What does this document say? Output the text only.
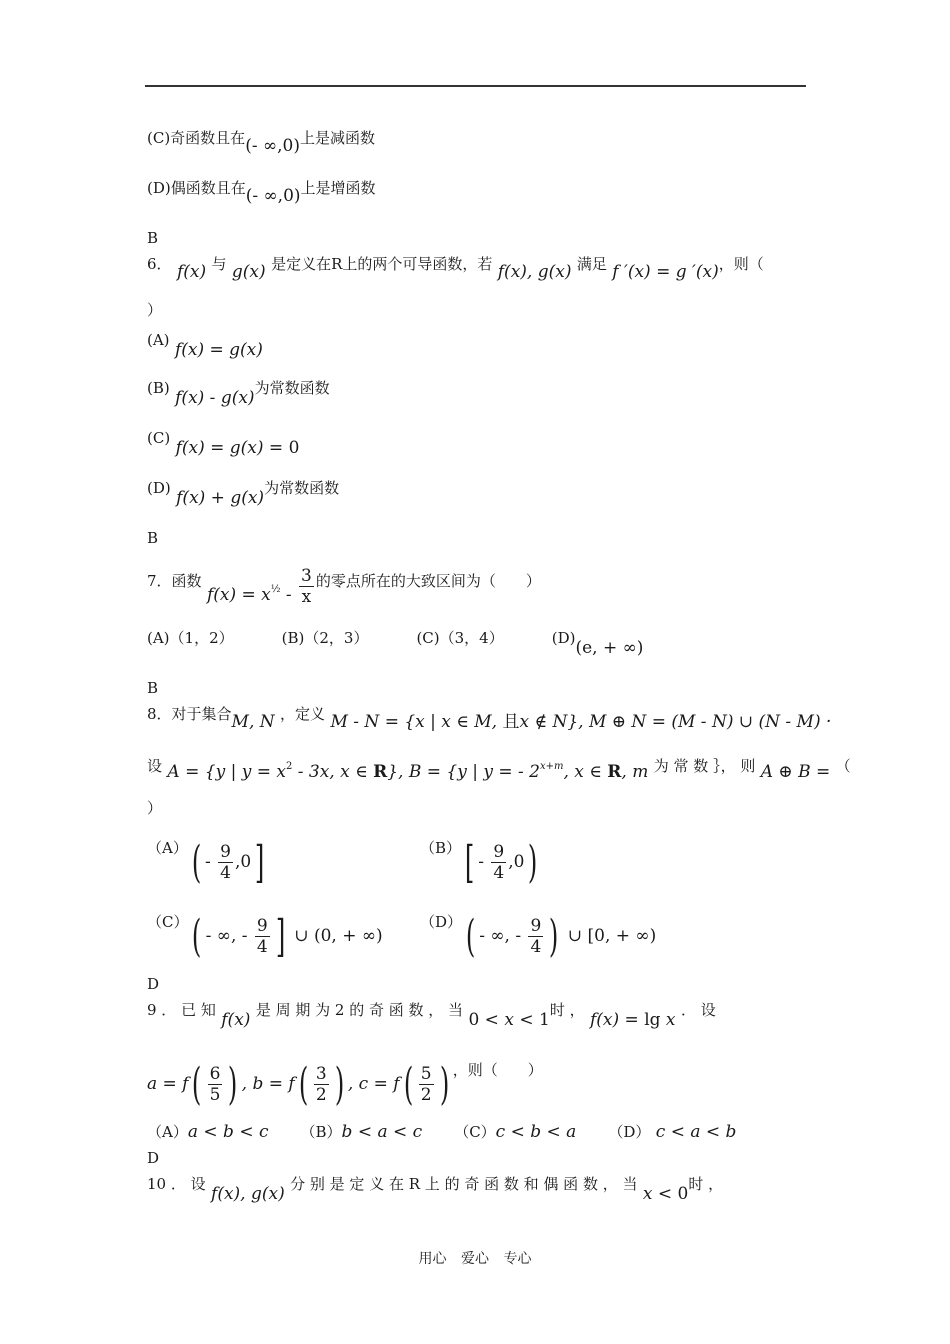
(C)奇函数且在(- ∞,0)上是减函数
(D)偶函数且在(- ∞,0)上是增函数
B
6． f(x) 与 g(x) 是定义在R上的两个可导函数，若 f(x), g(x) 满足 f ′(x) = g ′(x)，则（
）
(A) f(x) = g(x)
(B) f(x) - g(x)为常数函数
(C) f(x) = g(x) = 0
(D) f(x) + g(x)为常数函数
B
7．函数 $f(x) = x^{\frac{1}{2}} - \frac{3}{x}$ 的零点所在的大致区间为（　　）
(A)（1，2）	(B)（2，3）	(C)（3，4）	(D)(e, + ∞)
B
8．对于集合M, N ，定义 M - N = {x | x ∈ M, 且x ∉ N}, M ⊕ N = (M - N) ∪ (N - M) ·
设 A = {y | $y = x^2 - 3x$, x ∈ R}, B = {y | y = - $2^{x+m}$, x ∈ R, m 为 常 数 ｝， 则 A ⊕ B = （
）
$(A)( - \frac{9}{4} ,0]$	$(B)[ - \frac{9}{4} ,0)$
（C）( - ∞, - $\frac{9}{4}$ ] ∪ (0, + ∞)
（D）( - ∞, - $\frac{9}{4}$ ) ∪ [0, + ∞)
D
9 ． 已 知 f(x) 是 周 期 为 2 的 奇 函 数 ， 当 0 < x < 1时 ， f(x) = lg x ． 设
$a = f( \frac{6}{5}$ ) , $b = f( \frac{3}{2}$ ) , $c = f( \frac{5}{2}$ ) ，则（　　）
（A）a < b < c （B）b < a < c （C）c < b < a （D） c < a < b
D
10 ． 设 f(x), g(x) 分 别 是 定 义 在 R 上 的 奇 函 数 和 偶 函 数 ， 当 x < 0时 ，
用心 爱心 专心
